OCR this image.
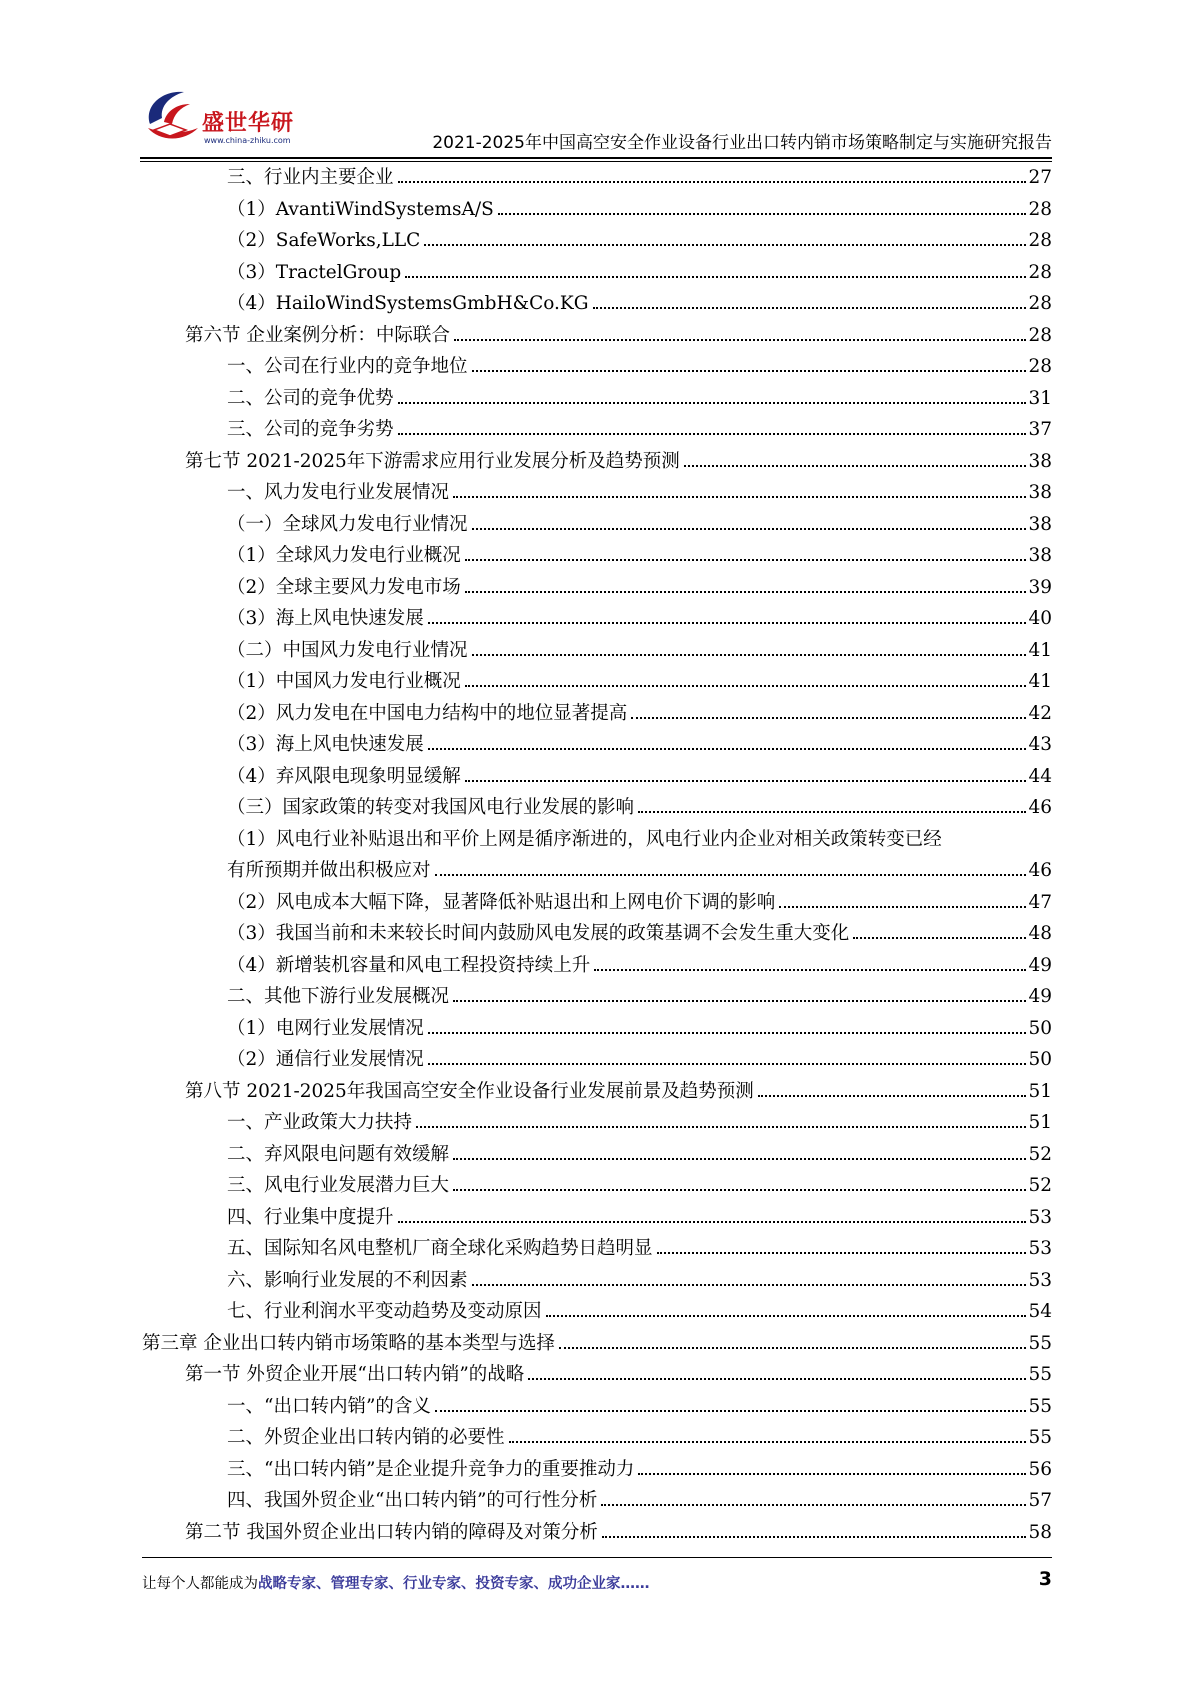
盛世华研
www.china-zhiku.com	2021-2025年中国高空安全作业设备行业出口转内销市场策略制定与实施研究报告
三、行业内主要企业	27
（1）AvantiWindSystemsA/S	28
（2）SafeWorks,LLC	28
（3）TractelGroup	28
（4）HailoWindSystemsGmbH&Co.KG	28
第六节 企业案例分析：中际联合	28
一、公司在行业内的竞争地位	28
二、公司的竞争优势	31
三、公司的竞争劣势	37
第七节 2021-2025年下游需求应用行业发展分析及趋势预测	38
一、风力发电行业发展情况	38
（一）全球风力发电行业情况	38
（1）全球风力发电行业概况	38
（2）全球主要风力发电市场	39
（3）海上风电快速发展	40
（二）中国风力发电行业情况	41
（1）中国风力发电行业概况	41
（2）风力发电在中国电力结构中的地位显著提高	42
（3）海上风电快速发展	43
（4）弃风限电现象明显缓解	44
（三）国家政策的转变对我国风电行业发展的影响	46
（1）风电行业补贴退出和平价上网是循序渐进的，风电行业内企业对相关政策转变已经
有所预期并做出积极应对	46
（2）风电成本大幅下降，显著降低补贴退出和上网电价下调的影响	47
（3）我国当前和未来较长时间内鼓励风电发展的政策基调不会发生重大变化	48
（4）新增装机容量和风电工程投资持续上升	49
二、其他下游行业发展概况	49
（1）电网行业发展情况	50
（2）通信行业发展情况	50
第八节 2021-2025年我国高空安全作业设备行业发展前景及趋势预测	51
一、产业政策大力扶持	51
二、弃风限电问题有效缓解	52
三、风电行业发展潜力巨大	52
四、行业集中度提升	53
五、国际知名风电整机厂商全球化采购趋势日趋明显	53
六、影响行业发展的不利因素	53
七、行业利润水平变动趋势及变动原因	54
第三章 企业出口转内销市场策略的基本类型与选择	55
第一节 外贸企业开展“出口转内销”的战略	55
一、“出口转内销”的含义	55
二、外贸企业出口转内销的必要性	55
三、“出口转内销”是企业提升竞争力的重要推动力	56
四、我国外贸企业“出口转内销”的可行性分析	57
第二节 我国外贸企业出口转内销的障碍及对策分析	58
让每个人都能成为战略专家、管理专家、行业专家、投资专家、成功企业家……	3
